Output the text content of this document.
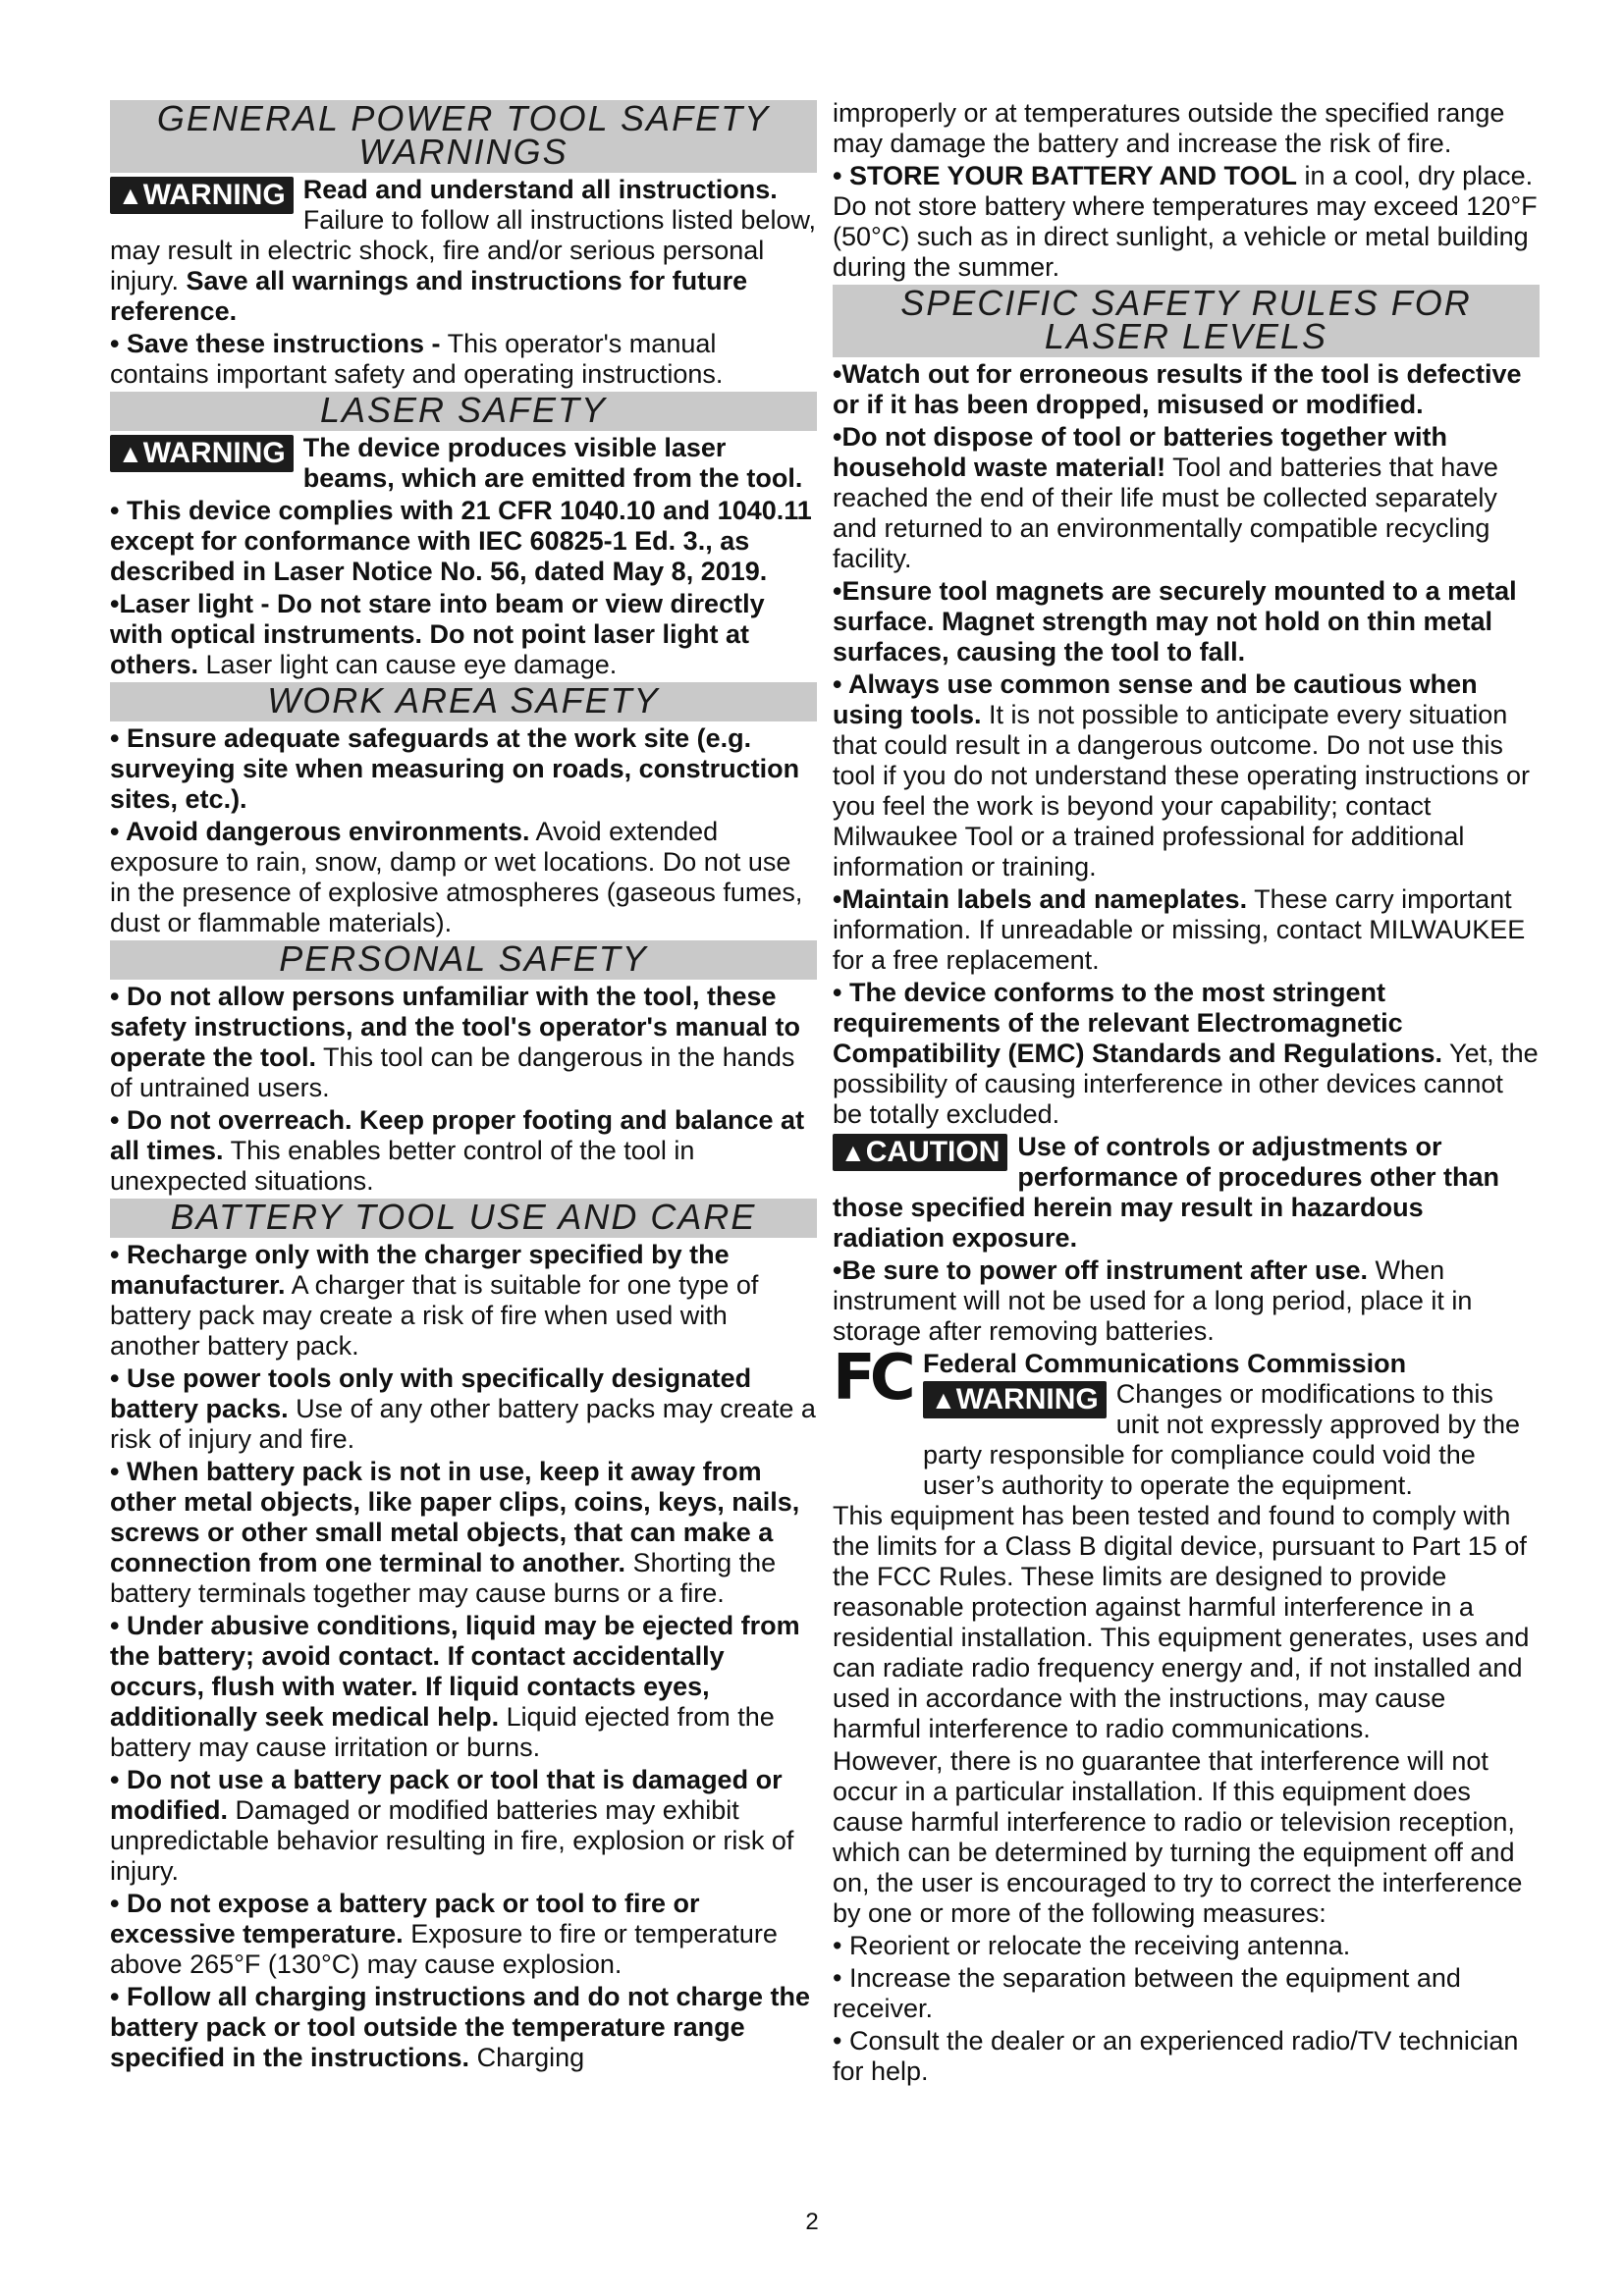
GENERAL POWER TOOL SAFETY WARNINGS

▲WARNING Read and understand all instructions. Failure to follow all instructions listed below, may result in electric shock, fire and/or serious personal injury. Save all warnings and instructions for future reference.

• Save these instructions - This operator's manual contains important safety and operating instructions.

LASER SAFETY

▲WARNING The device produces visible laser beams, which are emitted from the tool.

• This device complies with 21 CFR 1040.10 and 1040.11 except for conformance with IEC 60825-1 Ed. 3., as described in Laser Notice No. 56, dated May 8, 2019.

•Laser light - Do not stare into beam or view directly with optical instruments. Do not point laser light at others. Laser light can cause eye damage.

WORK AREA SAFETY

• Ensure adequate safeguards at the work site (e.g. surveying site when measuring on roads, construction sites, etc.).

• Avoid dangerous environments. Avoid extended exposure to rain, snow, damp or wet locations. Do not use in the presence of explosive atmospheres (gaseous fumes, dust or flammable materials).

PERSONAL SAFETY

• Do not allow persons unfamiliar with the tool, these safety instructions, and the tool's operator's manual to operate the tool. This tool can be dangerous in the hands of untrained users.

• Do not overreach. Keep proper footing and balance at all times. This enables better control of the tool in unexpected situations.

BATTERY TOOL USE AND CARE

• Recharge only with the charger specified by the manufacturer. A charger that is suitable for one type of battery pack may create a risk of fire when used with another battery pack.

• Use power tools only with specifically designated battery packs. Use of any other battery packs may create a risk of injury and fire.

• When battery pack is not in use, keep it away from other metal objects, like paper clips, coins, keys, nails, screws or other small metal objects, that can make a connection from one terminal to another. Shorting the battery terminals together may cause burns or a fire.

• Under abusive conditions, liquid may be ejected from the battery; avoid contact. If contact accidentally occurs, flush with water. If liquid contacts eyes, additionally seek medical help. Liquid ejected from the battery may cause irritation or burns.

• Do not use a battery pack or tool that is damaged or modified. Damaged or modified batteries may exhibit unpredictable behavior resulting in fire, explosion or risk of injury.

• Do not expose a battery pack or tool to fire or excessive temperature. Exposure to fire or temperature above 265°F (130°C) may cause explosion.

• Follow all charging instructions and do not charge the battery pack or tool outside the temperature range specified in the instructions. Charging

improperly or at temperatures outside the specified range may damage the battery and increase the risk of fire.

• STORE YOUR BATTERY AND TOOL in a cool, dry place. Do not store battery where temperatures may exceed 120°F (50°C) such as in direct sunlight, a vehicle or metal building during the summer.

SPECIFIC SAFETY RULES FOR LASER LEVELS

•Watch out for erroneous results if the tool is defective or if it has been dropped, misused or modified.

•Do not dispose of tool or batteries together with household waste material! Tool and batteries that have reached the end of their life must be collected separately and returned to an environmentally compatible recycling facility.

•Ensure tool magnets are securely mounted to a metal surface. Magnet strength may not hold on thin metal surfaces, causing the tool to fall.

• Always use common sense and be cautious when using tools. It is not possible to anticipate every situation that could result in a dangerous outcome. Do not use this tool if you do not understand these operating instructions or you feel the work is beyond your capability; contact Milwaukee Tool or a trained professional for additional information or training.

•Maintain labels and nameplates. These carry important information. If unreadable or missing, contact MILWAUKEE for a free replacement.

• The device conforms to the most stringent requirements of the relevant Electromagnetic Compatibility (EMC) Standards and Regulations. Yet, the possibility of causing interference in other devices cannot be totally excluded.

▲CAUTION Use of controls or adjustments or performance of procedures other than those specified herein may result in hazardous radiation exposure.

•Be sure to power off instrument after use. When instrument will not be used for a long period, place it in storage after removing batteries.

FC Federal Communications Commission

▲WARNING Changes or modifications to this unit not expressly approved by the party responsible for compliance could void the user’s authority to operate the equipment.

This equipment has been tested and found to comply with the limits for a Class B digital device, pursuant to Part 15 of the FCC Rules. These limits are designed to provide reasonable protection against harmful interference in a residential installation. This equipment generates, uses and can radiate radio frequency energy and, if not installed and used in accordance with the instructions, may cause harmful interference to radio communications.

However, there is no guarantee that interference will not occur in a particular installation. If this equipment does cause harmful interference to radio or television reception, which can be determined by turning the equipment off and on, the user is encouraged to try to correct the interference by one or more of the following measures:

• Reorient or relocate the receiving antenna.

• Increase the separation between the equipment and receiver.

• Consult the dealer or an experienced radio/TV technician for help.

2
